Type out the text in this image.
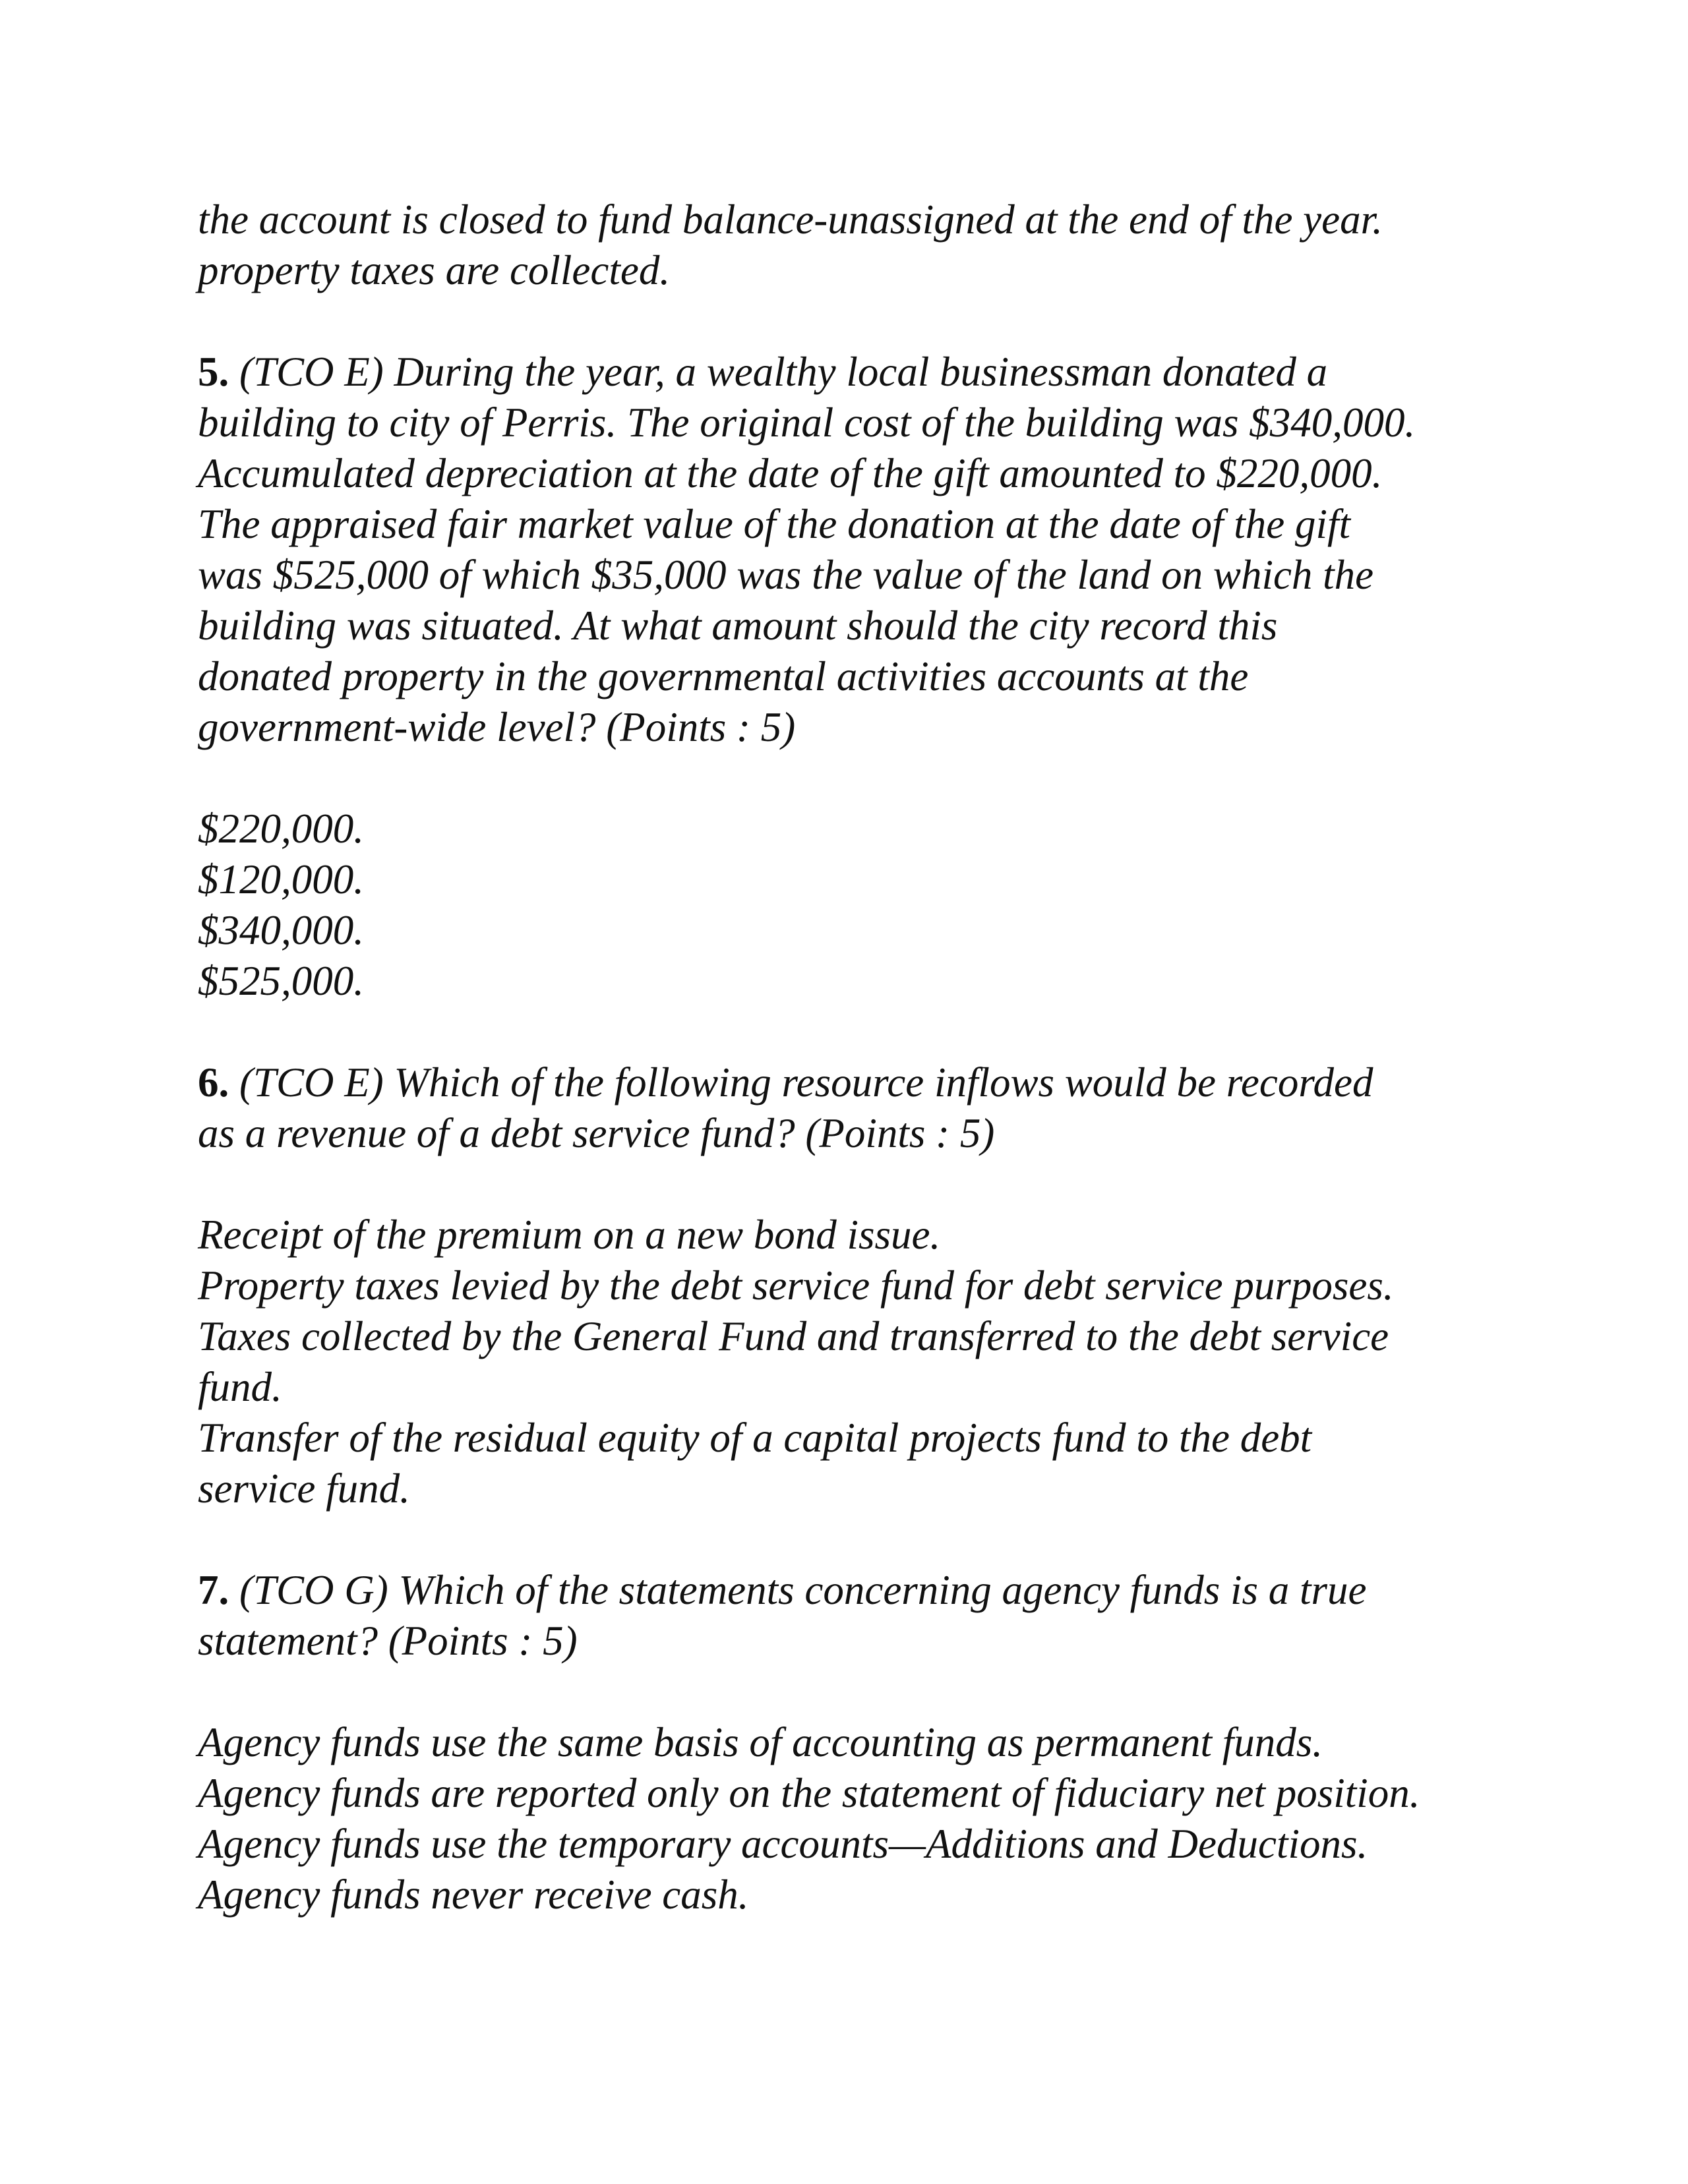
the account is closed to fund balance-unassigned at the end of the year.
property taxes are collected.
5. (TCO E) During the year, a wealthy local businessman donated a
building to city of Perris. The original cost of the building was $340,000.
Accumulated depreciation at the date of the gift amounted to $220,000.
The appraised fair market value of the donation at the date of the gift
was $525,000 of which $35,000 was the value of the land on which the
building was situated. At what amount should the city record this
donated property in the governmental activities accounts at the
government-wide level? (Points : 5)
$220,000.
$120,000.
$340,000.
$525,000.
6. (TCO E) Which of the following resource inflows would be recorded
as a revenue of a debt service fund? (Points : 5)
Receipt of the premium on a new bond issue.
Property taxes levied by the debt service fund for debt service purposes.
Taxes collected by the General Fund and transferred to the debt service
fund.
Transfer of the residual equity of a capital projects fund to the debt
service fund.
7. (TCO G) Which of the statements concerning agency funds is a true
statement? (Points : 5)
Agency funds use the same basis of accounting as permanent funds.
Agency funds are reported only on the statement of fiduciary net position.
Agency funds use the temporary accounts—Additions and Deductions.
Agency funds never receive cash.
